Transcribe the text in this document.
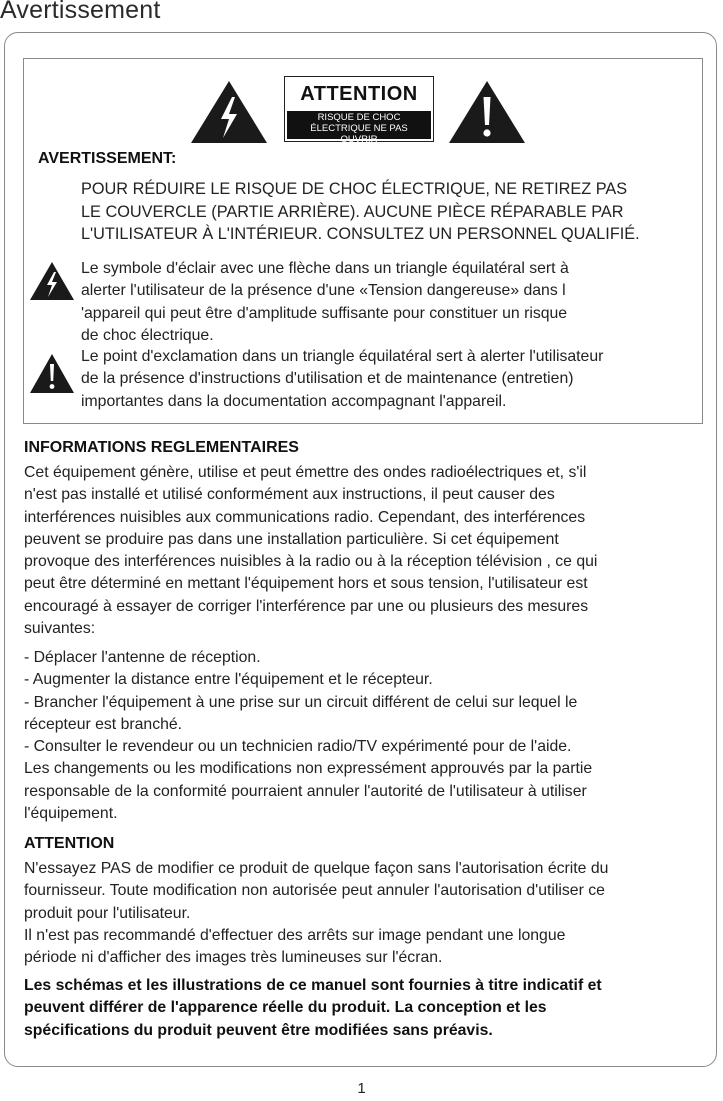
Avertissement
ATTENTION
RISQUE DE CHOC
ÉLECTRIQUE NE PAS
OUVRIR
AVERTISSEMENT:
POUR RÉDUIRE LE RISQUE DE CHOC ÉLECTRIQUE, NE RETIREZ PAS
LE COUVERCLE (PARTIE ARRIÈRE). AUCUNE PIÈCE RÉPARABLE PAR
L'UTILISATEUR À L'INTÉRIEUR. CONSULTEZ UN PERSONNEL QUALIFIÉ.
Le symbole d'éclair avec une flèche dans un triangle équilatéral sert à
alerter l'utilisateur de la présence d'une «Tension dangereuse» dans l
'appareil qui peut être d'amplitude suffisante pour constituer un risque
de choc électrique.
Le point d'exclamation dans un triangle équilatéral sert à alerter l'utilisateur
de la présence d'instructions d'utilisation et de maintenance (entretien)
importantes dans la documentation accompagnant l'appareil.
INFORMATIONS REGLEMENTAIRES
Cet équipement génère, utilise et peut émettre des ondes radioélectriques et, s'il
n'est pas installé et utilisé conformément aux instructions, il peut causer des
interférences nuisibles aux communications radio. Cependant, des interférences
peuvent se produire pas dans une installation particulière. Si cet équipement
provoque des interférences nuisibles à la radio ou à la réception télévision , ce qui
peut être déterminé en mettant l'équipement hors et sous tension, l'utilisateur est
encouragé à essayer de corriger l'interférence par une ou plusieurs des mesures
suivantes:
- Déplacer l'antenne de réception.
- Augmenter la distance entre l'équipement et le récepteur.
- Brancher l'équipement à une prise sur un circuit différent de celui sur lequel le
récepteur est branché.
- Consulter le revendeur ou un technicien radio/TV expérimenté pour de l'aide.
Les changements ou les modifications non expressément approuvés par la partie
responsable de la conformité pourraient annuler l'autorité de l'utilisateur à utiliser
l'équipement.
ATTENTION
N'essayez PAS de modifier ce produit de quelque façon sans l'autorisation écrite du
fournisseur. Toute modification non autorisée peut annuler l'autorisation d'utiliser ce
produit pour l'utilisateur.
Il n'est pas recommandé d'effectuer des arrêts sur image pendant une longue
période ni d'afficher des images très lumineuses sur l'écran.
Les schémas et les illustrations de ce manuel sont fournies à titre indicatif et
peuvent différer de l'apparence réelle du produit. La conception et les
spécifications du produit peuvent être modifiées sans préavis.
1
